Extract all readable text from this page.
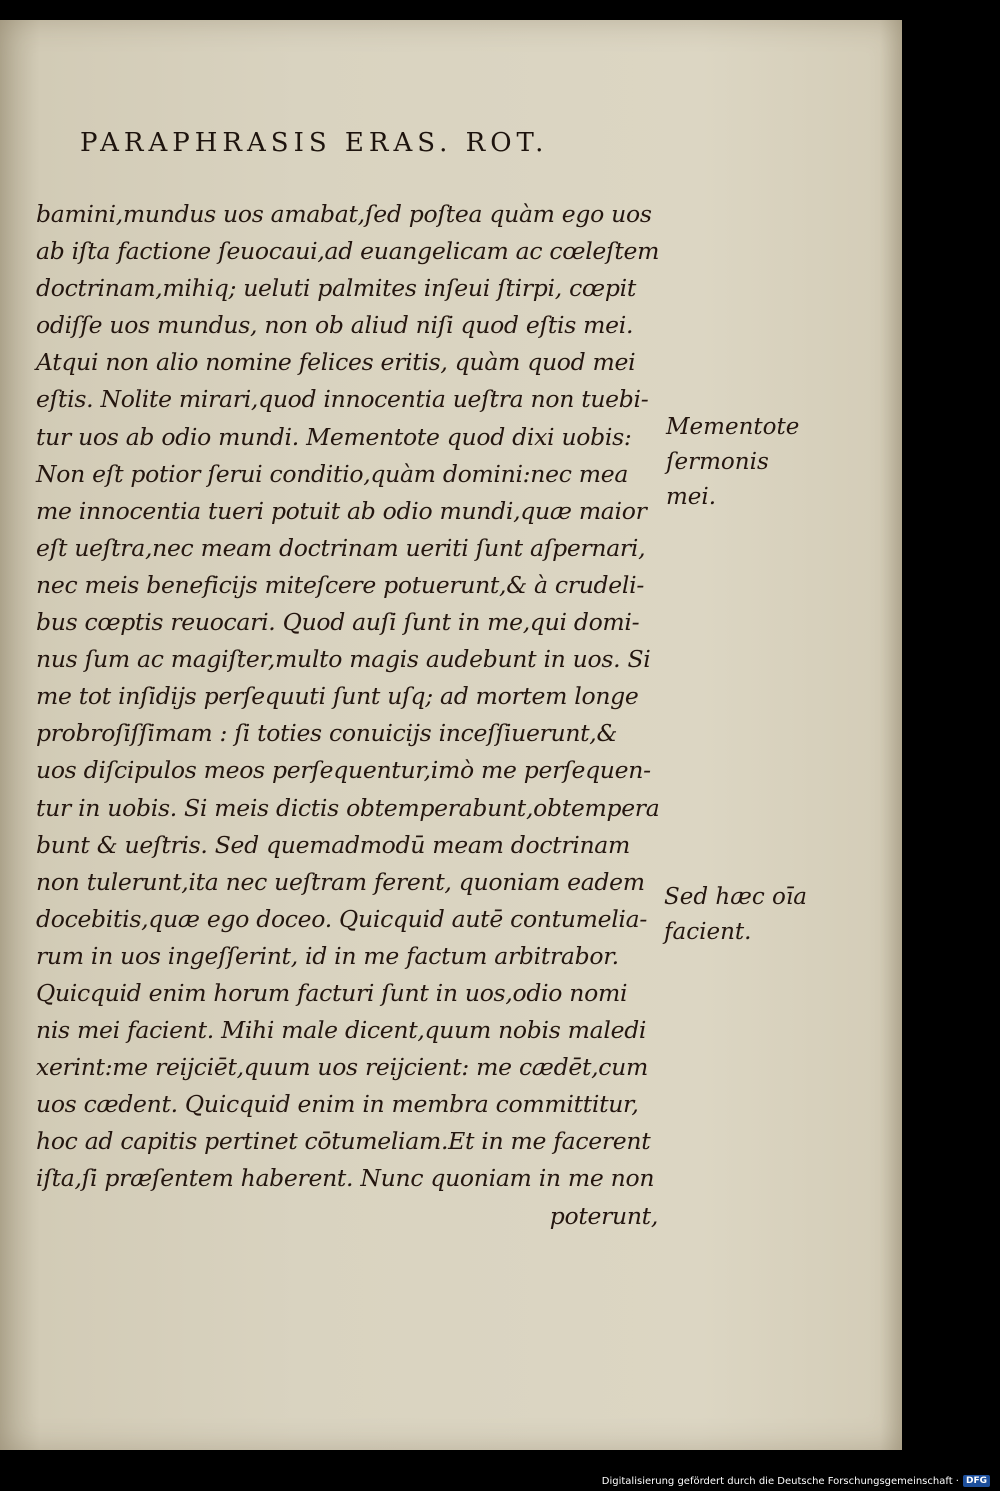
PARAPHRASIS ERAS. ROT.
bamini,mundus uos amabat,ſed poſtea quàm ego uos
ab iſta factione ſeuocaui,ad euangelicam ac cœleſtem
doctrinam,mihiq; ueluti palmites inſeui ſtirpi, cœpit
odiſſe uos mundus, non ob aliud niſi quod eſtis mei.
Atqui non alio nomine felices eritis, quàm quod mei
eſtis. Nolite mirari,quod innocentia ueſtra non tuebi-
tur uos ab odio mundi. Mementote quod dixi uobis:
Non eſt potior ſerui conditio,quàm domini:nec mea
me innocentia tueri potuit ab odio mundi,quæ maior
eſt ueſtra,nec meam doctrinam ueriti ſunt aſpernari,
nec meis beneficijs miteſcere potuerunt,& à crudeli-
bus cœptis reuocari. Quod auſi ſunt in me,qui domi-
nus ſum ac magiſter,multo magis audebunt in uos. Si
me tot inſidijs perſequuti ſunt uſq; ad mortem longe
probroſiſſimam : ſi toties conuicijs inceſſiuerunt,&
uos diſcipulos meos perſequentur,imò me perſequen-
tur in uobis. Si meis dictis obtemperabunt,obtempera
bunt & ueſtris. Sed quemadmodū meam doctrinam
non tulerunt,ita nec ueſtram ferent, quoniam eadem
docebitis,quæ ego doceo. Quicquid autē contumelia-
rum in uos ingeſſerint, id in me factum arbitrabor.
Quicquid enim horum facturi ſunt in uos,odio nomi
nis mei facient. Mihi male dicent,quum nobis maledi
xerint:me reijciēt,quum uos reijcient: me cædēt,cum
uos cædent. Quicquid enim in membra committitur,
hoc ad capitis pertinet cōtumeliam.Et in me facerent
iſta,ſi præſentem haberent. Nunc quoniam in me non
poterunt,
Mementote
ſermonis
mei.
Sed hæc oīa
facient.
Digitalisierung gefördert durch die Deutsche Forschungsgemeinschaft · DFG
